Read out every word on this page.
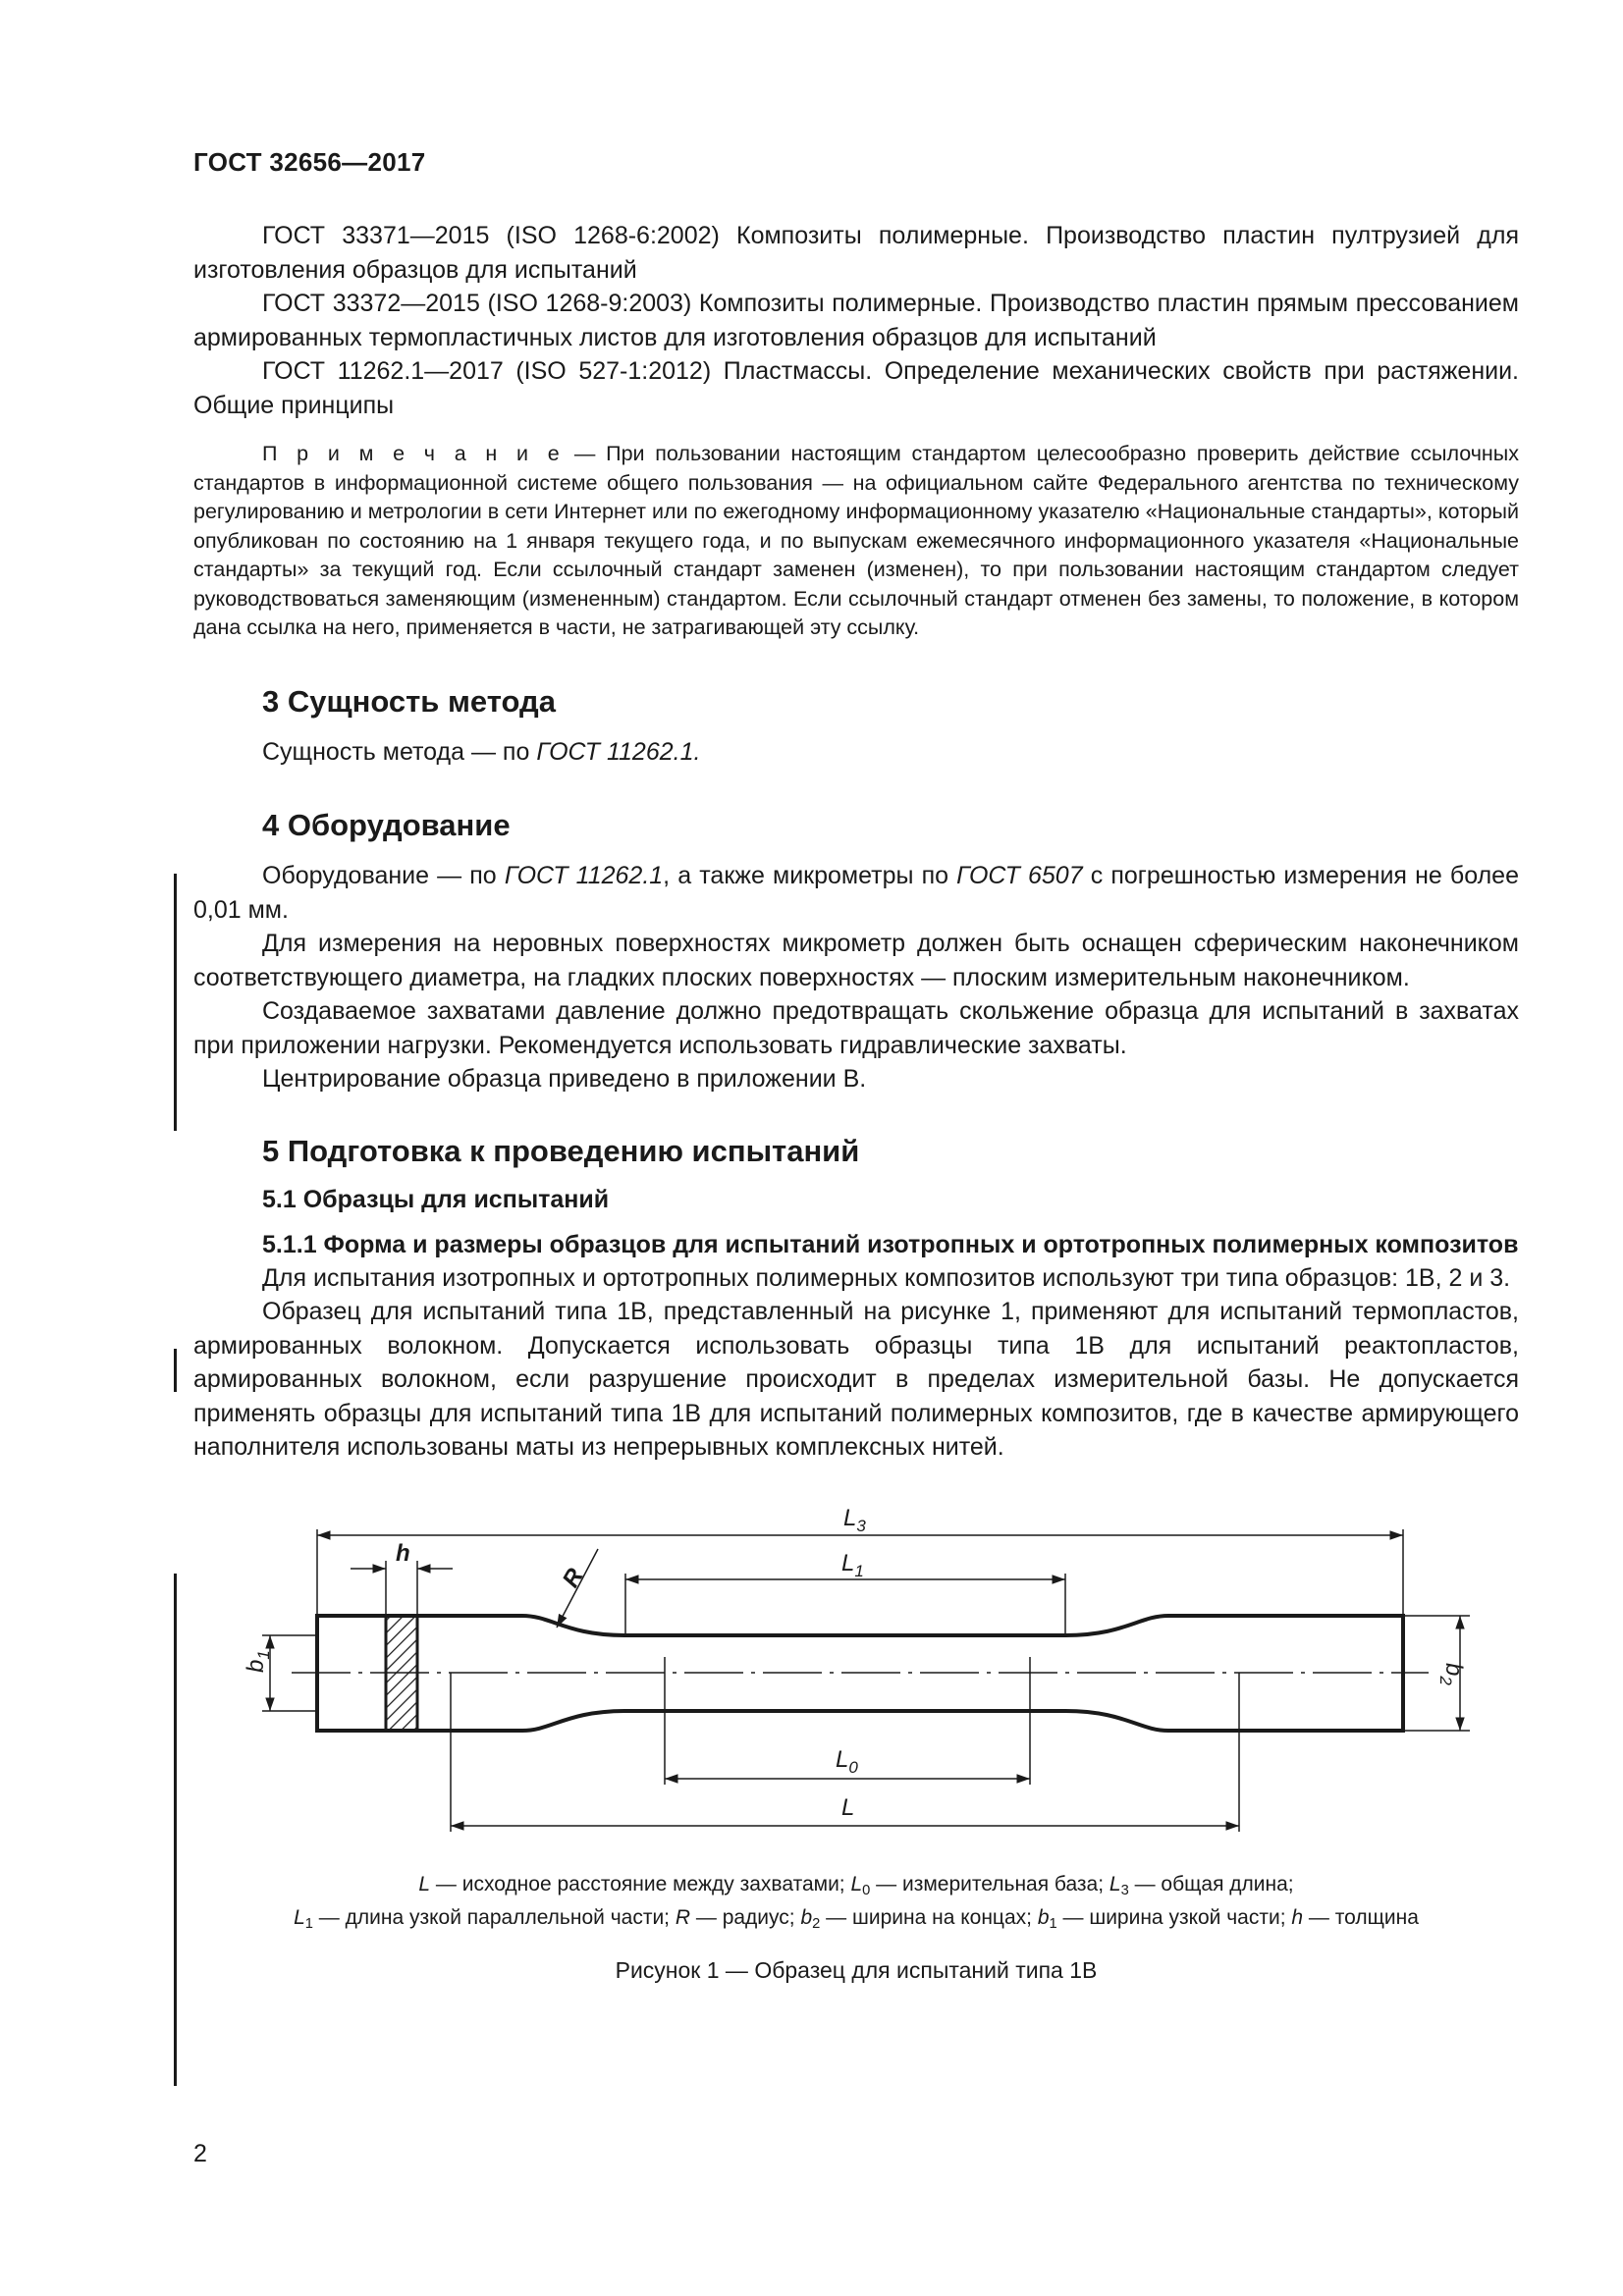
ГОСТ 32656—2017

ГОСТ 33371—2015 (ISO 1268-6:2002) Композиты полимерные. Производство пластин пултрузией для изготовления образцов для испытаний

ГОСТ 33372—2015 (ISO 1268-9:2003) Композиты полимерные. Производство пластин прямым прессованием армированных термопластичных листов для изготовления образцов для испытаний

ГОСТ 11262.1—2017 (ISO 527-1:2012) Пластмассы. Определение механических свойств при растяжении. Общие принципы

П р и м е ч а н и е — При пользовании настоящим стандартом целесообразно проверить действие ссылочных стандартов в информационной системе общего пользования — на официальном сайте Федерального агентства по техническому регулированию и метрологии в сети Интернет или по ежегодному информационному указателю «Национальные стандарты», который опубликован по состоянию на 1 января текущего года, и по выпускам ежемесячного информационного указателя «Национальные стандарты» за текущий год. Если ссылочный стандарт заменен (изменен), то при пользовании настоящим стандартом следует руководствоваться заменяющим (измененным) стандартом. Если ссылочный стандарт отменен без замены, то положение, в котором дана ссылка на него, применяется в части, не затрагивающей эту ссылку.

3 Сущность метода

Сущность метода — по ГОСТ 11262.1.

4 Оборудование

Оборудование — по ГОСТ 11262.1, а также микрометры по ГОСТ 6507 с погрешностью измерения не более 0,01 мм.

Для измерения на неровных поверхностях микрометр должен быть оснащен сферическим наконечником соответствующего диаметра, на гладких плоских поверхностях — плоским измерительным наконечником.

Создаваемое захватами давление должно предотвращать скольжение образца для испытаний в захватах при приложении нагрузки. Рекомендуется использовать гидравлические захваты.

Центрирование образца приведено в приложении В.

5 Подготовка к проведению испытаний
5.1 Образцы для испытаний
5.1.1 Форма и размеры образцов для испытаний изотропных и ортотропных полимерных композитов

Для испытания изотропных и ортотропных полимерных композитов используют три типа образцов: 1В, 2 и 3.

Образец для испытаний типа 1В, представленный на рисунке 1, применяют для испытаний термопластов, армированных волокном. Допускается использовать образцы типа 1В для испытаний реактопластов, армированных волокном, если разрушение происходит в пределах измерительной базы. Не допускается применять образцы для испытаний типа 1В для испытаний полимерных композитов, где в качестве армирующего наполнителя использованы маты из непрерывных комплексных нитей.

$L_3$
$L_1$
h
R
$b_1$
$b_2$
$L_0$
L
L — исходное расстояние между захватами; $L_0$ — измерительная база; $L_3$ — общая длина;
$L_1$ — длина узкой параллельной части; R — радиус; $b_2$ — ширина на концах; $b_1$ — ширина узкой части; h — толщина
Рисунок 1 — Образец для испытаний типа 1В
2
